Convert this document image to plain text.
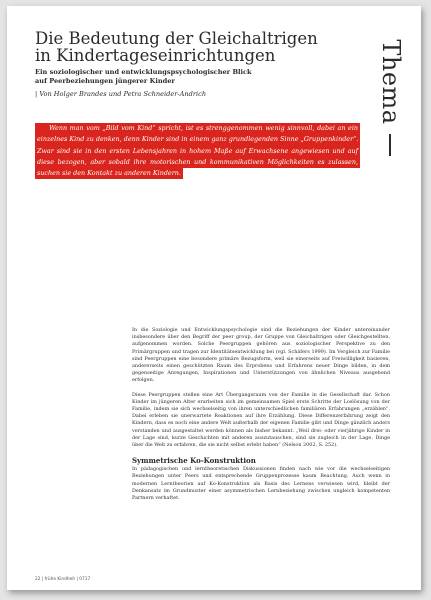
Thema
Die Bedeutung der Gleichaltrigen
in Kindertageseinrichtungen
Ein soziologischer und entwicklungspsychologischer Blick
auf Peerbeziehungen jüngerer Kinder
| Von Holger Brandes und Petra Schneider-Andrich
Wenn man vom „Bild vom Kind“ spricht, ist es strenggenommen wenig sinnvoll, dabei an ein
einzelnes Kind zu denken, denn Kinder sind in einem ganz grundlegenden Sinne „Gruppenkinder“.
Zwar sind sie in den ersten Lebensjahren in hohem Maße auf Erwachsene angewiesen und auf
diese bezogen, aber sobald ihre motorischen und kommunikativen Möglichkeiten es zulassen,
suchen sie den Kontakt zu anderen Kindern.

In die Soziologie und Entwicklungspsychologie sind die Beziehungen der Kinder untereinander insbesondere über den Begriff der peer group, der Gruppe von Gleichaltrigen oder Gleichgestellten, aufgenommen worden. Solche Peergruppen gehören aus soziologischer Perspektive zu den Primärgruppen und tragen zur Identitätsentwicklung bei (vgl. Schäfers 1999). Im Vergleich zur Familie sind Peergruppen eine besondere primäre Bezugsform, weil sie einerseits auf Freiwilligkeit basieren, andererseits einen geschützten Raum des Erprobens und Erfahrens neuer Dinge bilden, in dem gegenseitige Anregungen, Inspirationen und Unterstützungen von ähnlichen Niveaus ausgehend erfolgen.

Diese Peergruppen stellen eine Art Übergangsraum von der Familie in die Gesellschaft dar. Schon Kinder im jüngeren Alter erarbeiten sich im gemeinsamen Spiel erste Schritte der Loslösung von der Familie, indem sie sich wechselseitig von ihren unterschiedlichen familiären Erfahrungen „erzählen“. Dabei erleben sie unerwartete Reaktionen auf ihre Erzählung. Diese Differenzerfahrung zeigt den Kindern, dass es noch eine andere Welt außerhalb der eigenen Familie gibt und Dinge gänzlich anders verstanden und ausgestaltet werden können als bisher bekannt. „Weil drei- oder vierjährige Kinder in der Lage sind, kurze Geschichten mit anderen auszutauschen, sind sie zugleich in der Lage, Dinge über die Welt zu erfahren, die sie nicht selbst erlebt haben“ (Nelson 2002, S. 252).

Symmetrische Ko-Konstruktion

In pädagogischen und lerntheoretischen Diskussionen finden nach wie vor die wechselseitigen Beziehungen unter Peers und entsprechende Gruppenprozesse kaum Beachtung. Auch wenn in modernen Lerntheorien auf Ko-Konstruktion als Basis des Lernens verwiesen wird, bleibt der Denkansatz im Grundmuster einer asymmetrischen Lernbeziehung zwischen ungleich kompetenten Partnern verhaftet.

22 | frühe Kindheit | 0717
